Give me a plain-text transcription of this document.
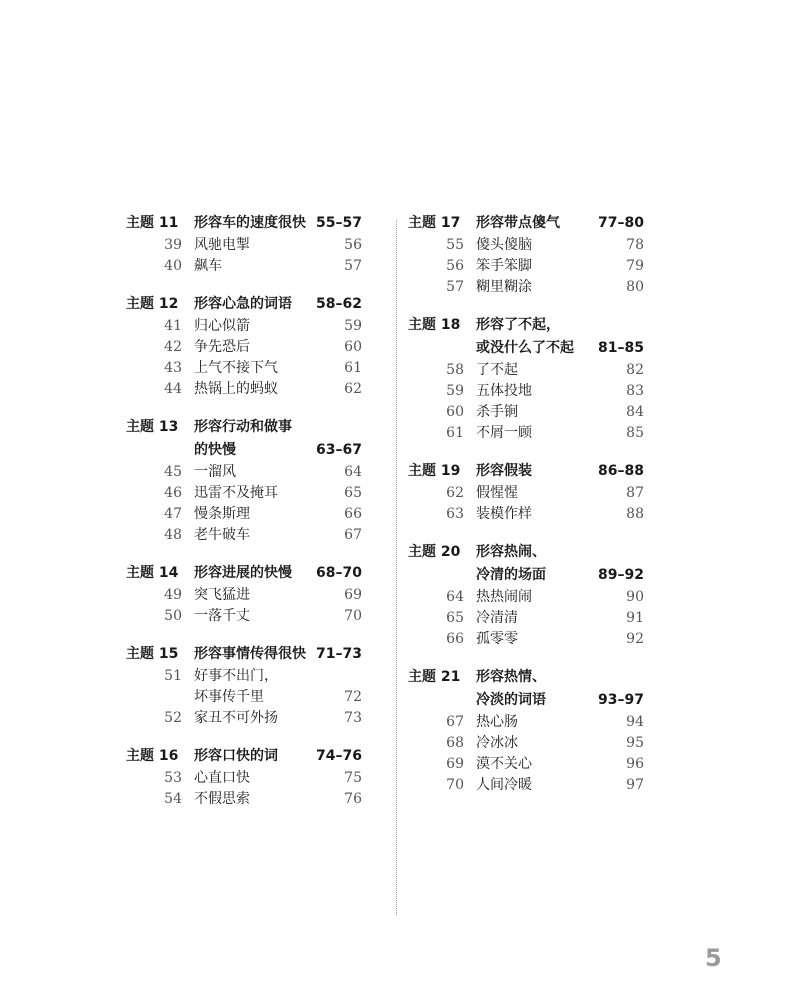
主题 11	形容车的速度很快 55–57
39 风驰电掣	56
40 飙车	57
主题 12	形容心急的词语 58–62
41 归心似箭	59
42 争先恐后	60
43 上气不接下气	61
44 热锅上的蚂蚁	62
主题 13	形容行动和做事
的快慢	63–67
45 一溜风	64
46 迅雷不及掩耳	65
47 慢条斯理	66
48 老牛破车	67
主题 14	形容进展的快慢 68–70
49 突飞猛进	69
50 一落千丈	70
主题 15	形容事情传得很快 71–73
51 好事不出门，
坏事传千里	72
52 家丑不可外扬	73
主题 16	形容口快的词	74–76
53 心直口快	75
54 不假思索	76
主题 17	形容带点傻气	77–80
55 傻头傻脑	78
56 笨手笨脚	79
57 糊里糊涂	80
主题 18	形容了不起，
或没什么了不起 81–85
58 了不起	82
59 五体投地	83
60 杀手锏	84
61 不屑一顾	85
主题 19	形容假装	86–88
62 假惺惺	87
63 装模作样	88
主题 20	形容热闹、
冷清的场面	89–92
64 热热闹闹	90
65 冷清清	91
66 孤零零	92
主题 21	形容热情、
冷淡的词语	93–97
67 热心肠	94
68 冷冰冰	95
69 漠不关心	96
70 人间冷暖	97
5
